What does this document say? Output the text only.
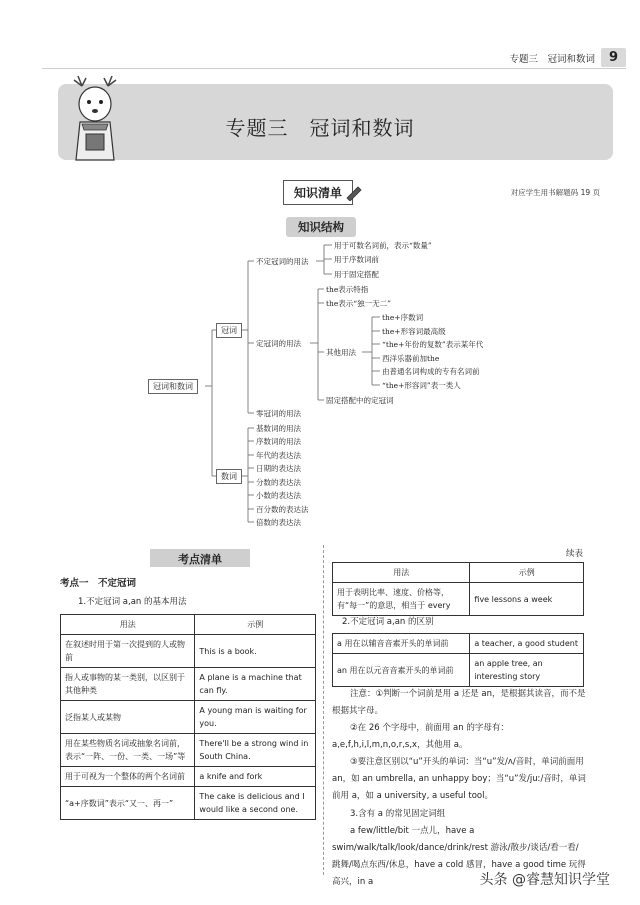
专题三　冠词和数词	9
专题三　冠词和数词
知识清单	对应学生用书解题码 19 页
知识结构
冠词和数词
冠词
数词
不定冠词的用法
用于可数名词前，表示“数量”
用于序数词前
用于固定搭配
定冠词的用法
the表示特指
the表示“独一无二”
其他用法
the+序数词
the+形容词最高级
“the+年份的复数”表示某年代
西洋乐器前加the
由普通名词构成的专有名词前
“the+形容词”表一类人
固定搭配中的定冠词
零冠词的用法
基数词的用法
序数词的用法
年代的表达法
日期的表达法
分数的表达法
小数的表达法
百分数的表达法
倍数的表达法
考点清单
考点一　不定冠词
1.不定冠词 a,an 的基本用法
用法	示例
在叙述时用于第一次提到的人或物前	This is a book.
指人或事物的某一类别，以区别于其他种类	A plane is a machine that can fly.
泛指某人或某物	A young man is waiting for you.
用在某些物质名词或抽象名词前，表示“一阵、一份、一类、一场”等	There'll be a strong wind in South China.
用于可视为一个整体的两个名词前	a knife and fork
“a+序数词”表示“又一、再一”	The cake is delicious and I would like a second one.
续表
用法	示例
用于表明比率、速度、价格等，有“每一”的意思，相当于 every	five lessons a week
2.不定冠词 a,an 的区别
a 用在以辅音音素开头的单词前	a teacher, a good student
an 用在以元音音素开头的单词前	an apple tree, an interesting story
注意：①判断一个词前是用 a 还是 an，是根据其读音，而不是根据其字母。
②在 26 个字母中，前面用 an 的字母有：a,e,f,h,i,l,m,n,o,r,s,x，其他用 a。
③要注意区别以“u”开头的单词：当“u”发/ʌ/音时，单词前面用 an，如 an umbrella, an unhappy boy；当“u”发/juː/音时，单词前用 a，如 a university, a useful tool。
3.含有 a 的常见固定词组
a few/little/bit 一点儿，have a swim/walk/talk/look/dance/drink/rest 游泳/散步/谈话/看一看/跳舞/喝点东西/休息，have a cold 感冒，have a good time 玩得高兴，in a	头条 @睿慧知识学堂
